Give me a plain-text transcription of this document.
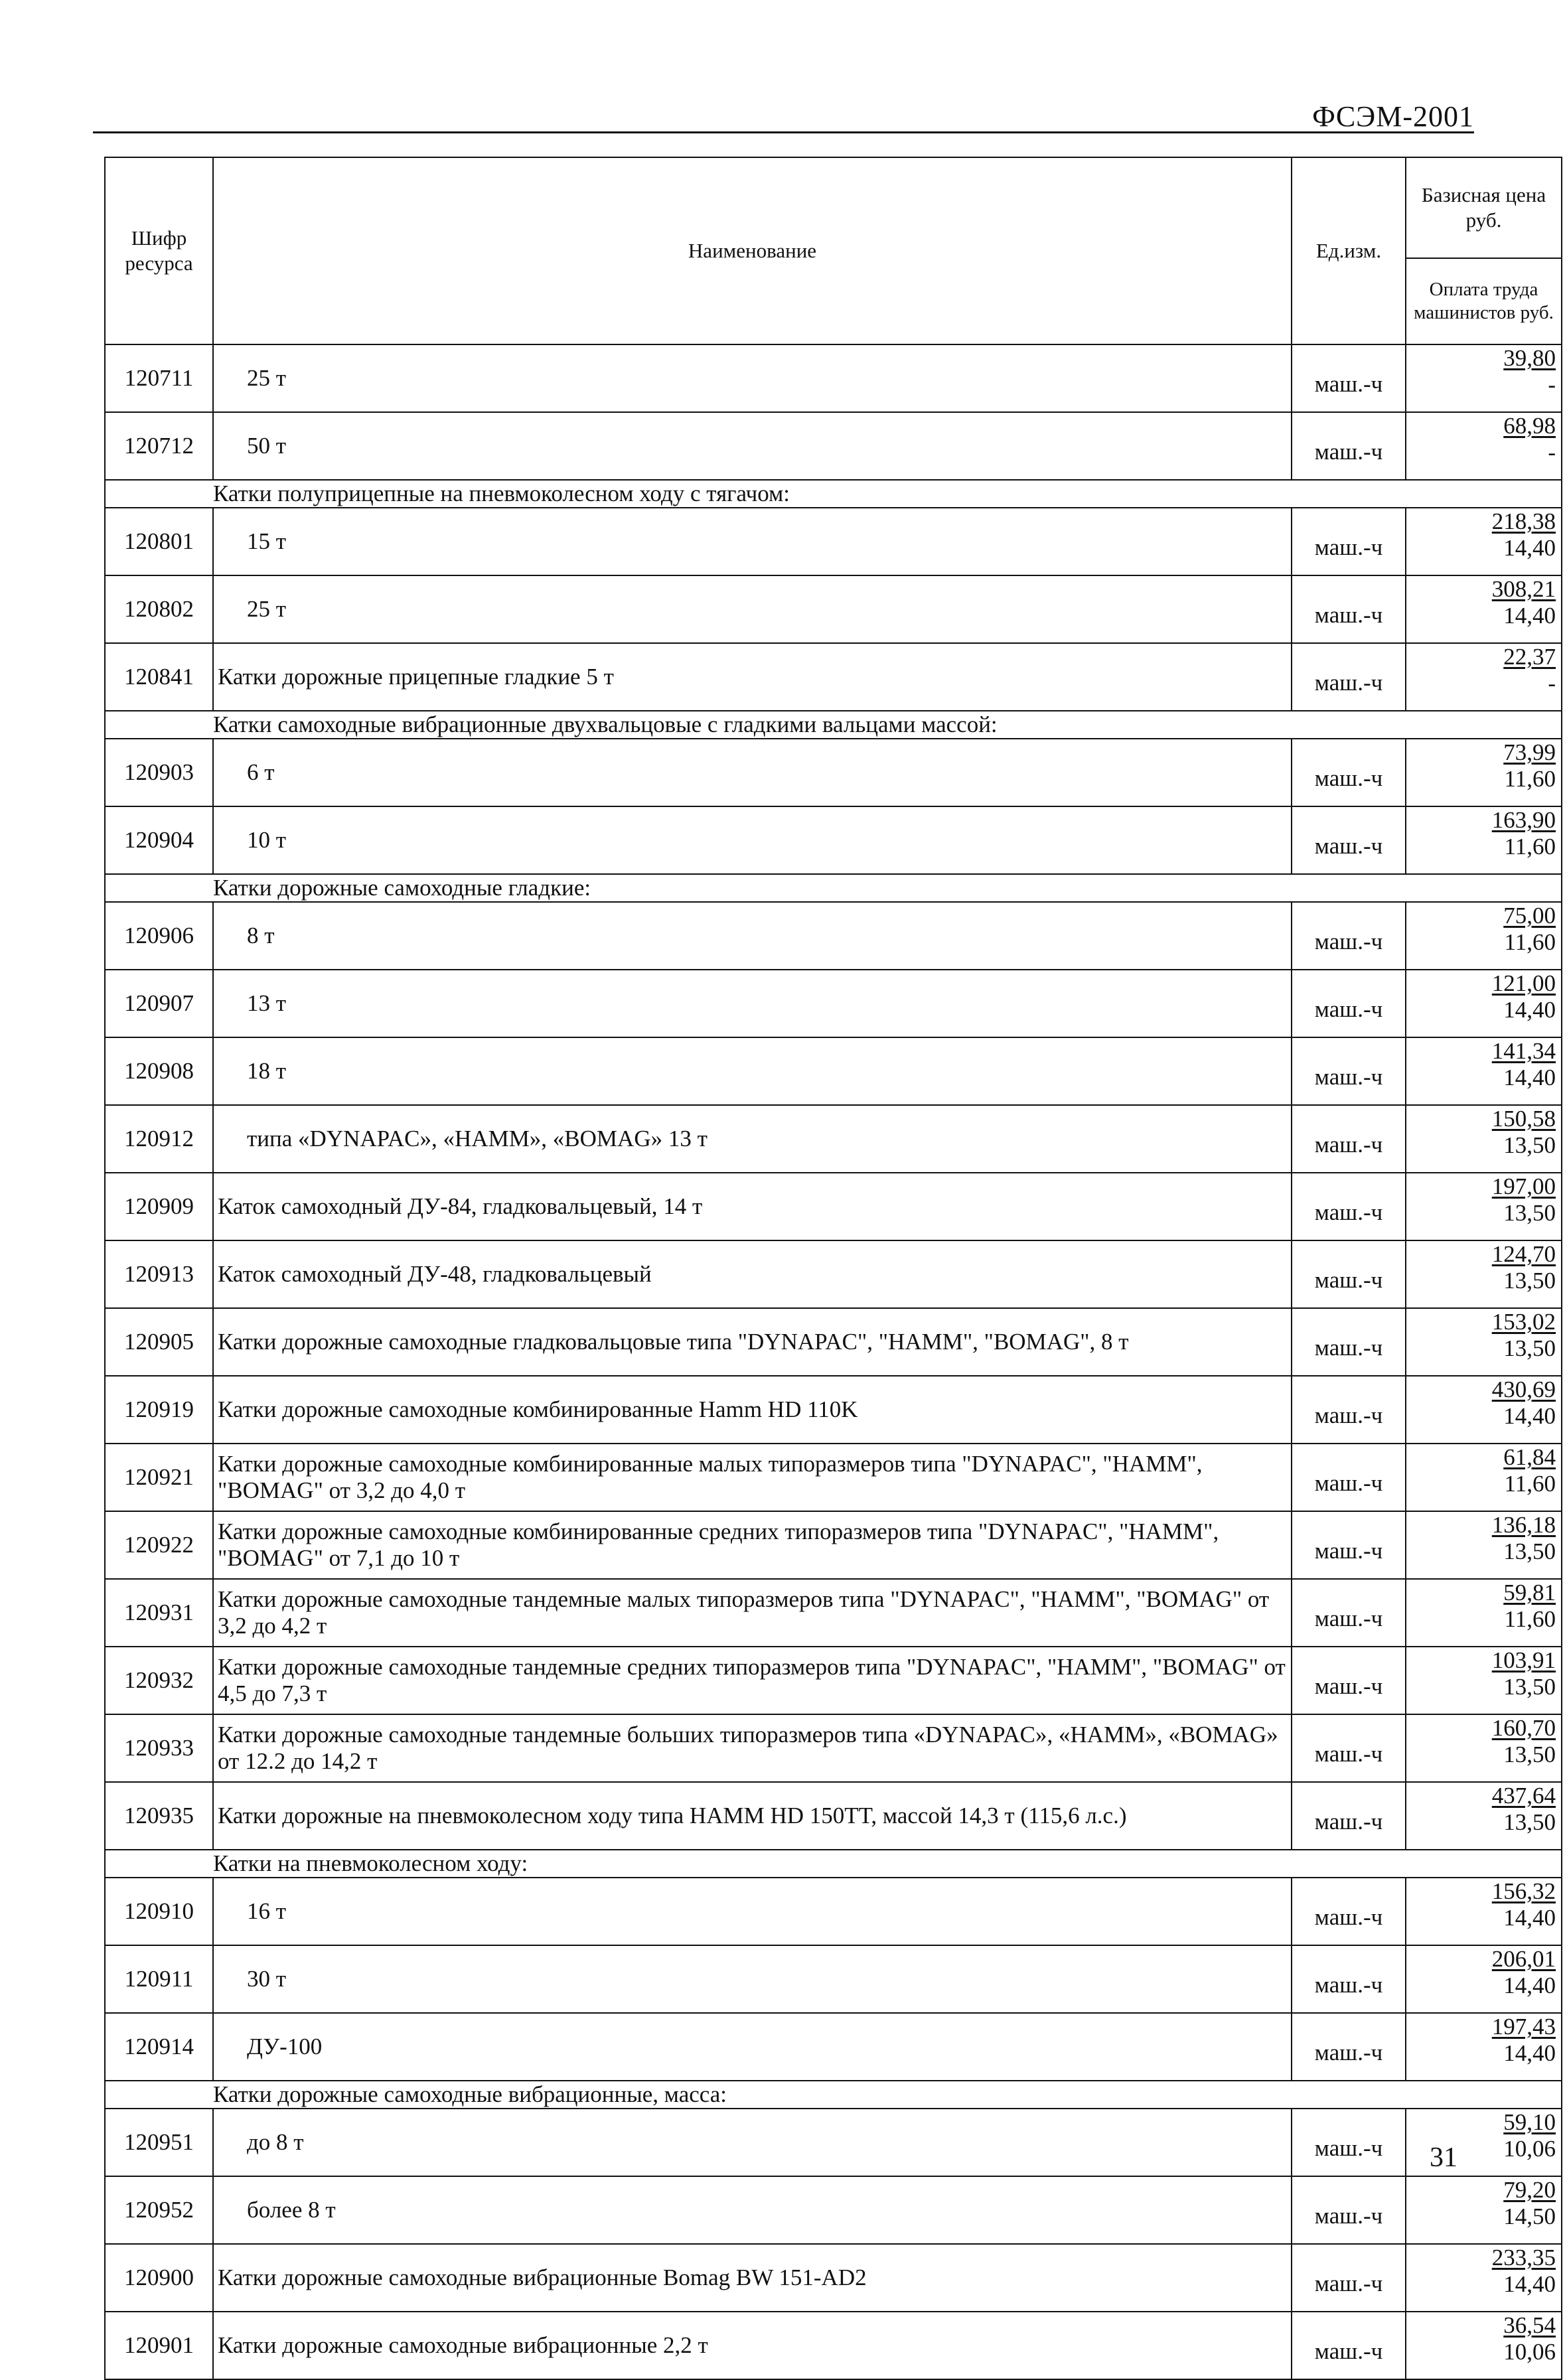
ФСЭМ-2001
Шифр ресурса	Наименование	Ед.изм.	Базисная цена руб.
			Оплата труда машинистов руб.
120711	25 т	маш.-ч	39,80
-

120712	50 т	маш.-ч	68,98
-

Катки полуприцепные на пневмоколесном ходу с тягачом:			
120801	15 т	маш.-ч	218,38
14,40

120802	25 т	маш.-ч	308,21
14,40

120841	Катки дорожные прицепные гладкие 5 т	маш.-ч	22,37
-

Катки самоходные вибрационные двухвальцовые с гладкими вальцами массой:			
120903	6 т	маш.-ч	73,99
11,60

120904	10 т	маш.-ч	163,90
11,60

Катки дорожные самоходные гладкие:			
120906	8 т	маш.-ч	75,00
11,60

120907	13 т	маш.-ч	121,00
14,40

120908	18 т	маш.-ч	141,34
14,40

120912	типа «DYNAPAC», «HAMM», «BOMAG» 13 т	маш.-ч	150,58
13,50

120909	Каток самоходный ДУ-84, гладковальцевый, 14 т	маш.-ч	197,00
13,50

120913	Каток самоходный ДУ-48, гладковальцевый	маш.-ч	124,70
13,50

120905	Катки дорожные самоходные гладковальцовые типа "DYNAPAC", "HAMM", "BOMAG", 8 т	маш.-ч	153,02
13,50

120919	Катки дорожные самоходные комбинированные Hamm HD 110K	маш.-ч	430,69
14,40

120921	Катки дорожные самоходные комбинированные малых типоразмеров типа "DYNAPAC", "HAMM", "BOMAG" от 3,2 до 4,0 т	маш.-ч	61,84
11,60

120922	Катки дорожные самоходные комбинированные средних типоразмеров типа "DYNAPAC", "HAMM", "BOMAG" от 7,1 до 10 т	маш.-ч	136,18
13,50

120931	Катки дорожные самоходные тандемные малых типоразмеров типа "DYNAPAC", "HAMM", "BOMAG" от 3,2 до 4,2 т	маш.-ч	59,81
11,60

120932	Катки дорожные самоходные тандемные средних типоразмеров типа "DYNAPAC", "HAMM", "BOMAG" от 4,5 до 7,3 т	маш.-ч	103,91
13,50

120933	Катки дорожные самоходные тандемные больших типоразмеров типа «DYNAPAC», «HAMM», «BOMAG» от 12.2 до 14,2 т	маш.-ч	160,70
13,50

120935	Катки дорожные на пневмоколесном ходу типа HAMM HD 150TT, массой 14,3 т (115,6 л.с.)	маш.-ч	437,64
13,50

Катки на пневмоколесном ходу:			
120910	16 т	маш.-ч	156,32
14,40

120911	30 т	маш.-ч	206,01
14,40

120914	ДУ-100	маш.-ч	197,43
14,40

Катки дорожные самоходные вибрационные, масса:			
120951	до 8 т	маш.-ч	59,10
10,06

120952	более 8 т	маш.-ч	79,20
14,50

120900	Катки дорожные самоходные вибрационные Bomag BW 151-AD2	маш.-ч	233,35
14,40

120901	Катки дорожные самоходные вибрационные 2,2 т	маш.-ч	36,54
10,06
31
